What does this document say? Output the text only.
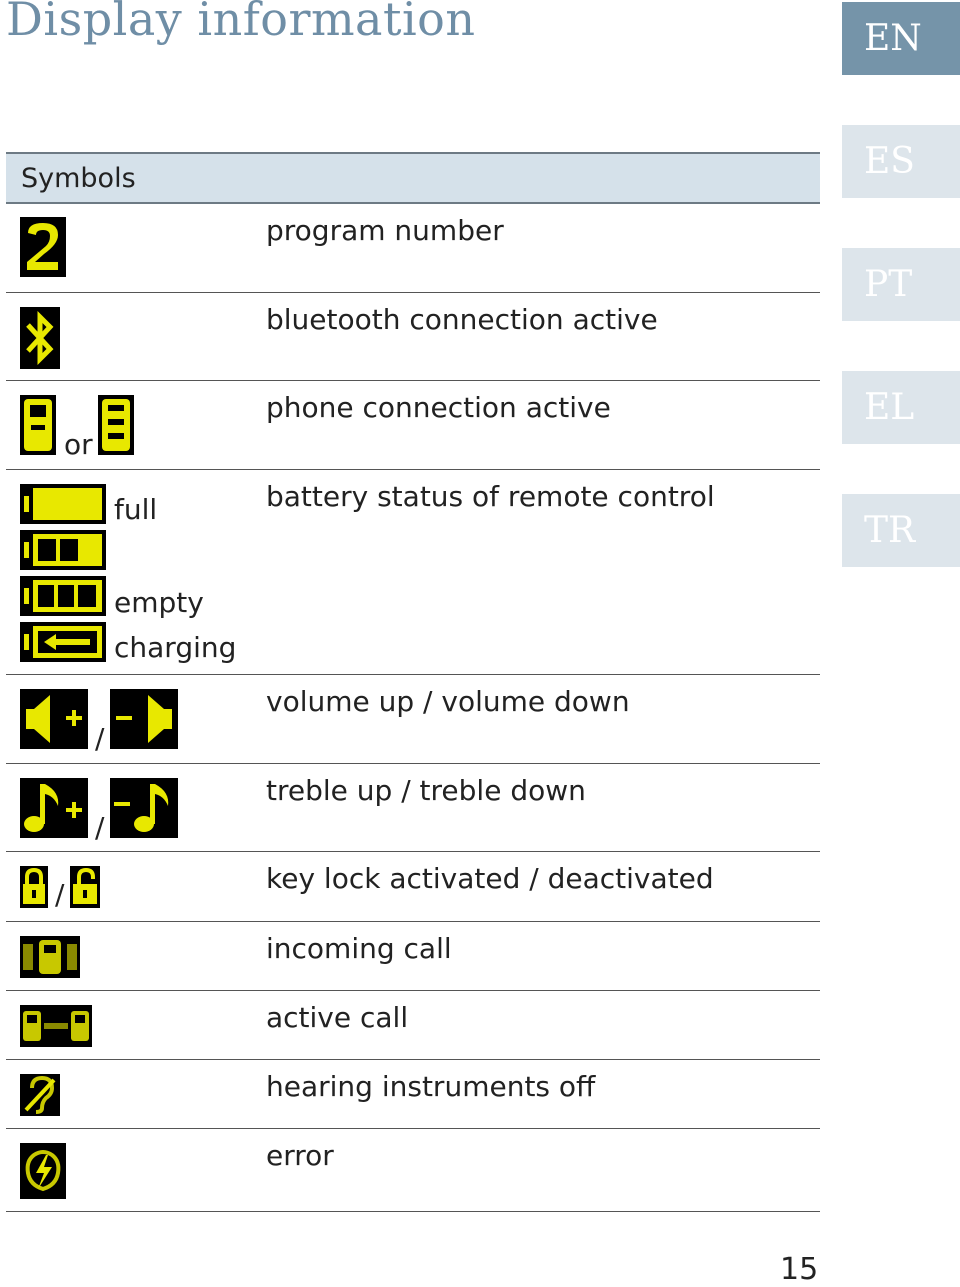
Display information	EN
ES
PT
EL
TR
Symbols
program number
bluetooth connection active
or
phone connection active
full
empty
charging
battery status of remote control
/
volume up / volume down
/
treble up / treble down
/	key lock activated / deactivated
incoming call
active call
hearing instruments off
error
15
